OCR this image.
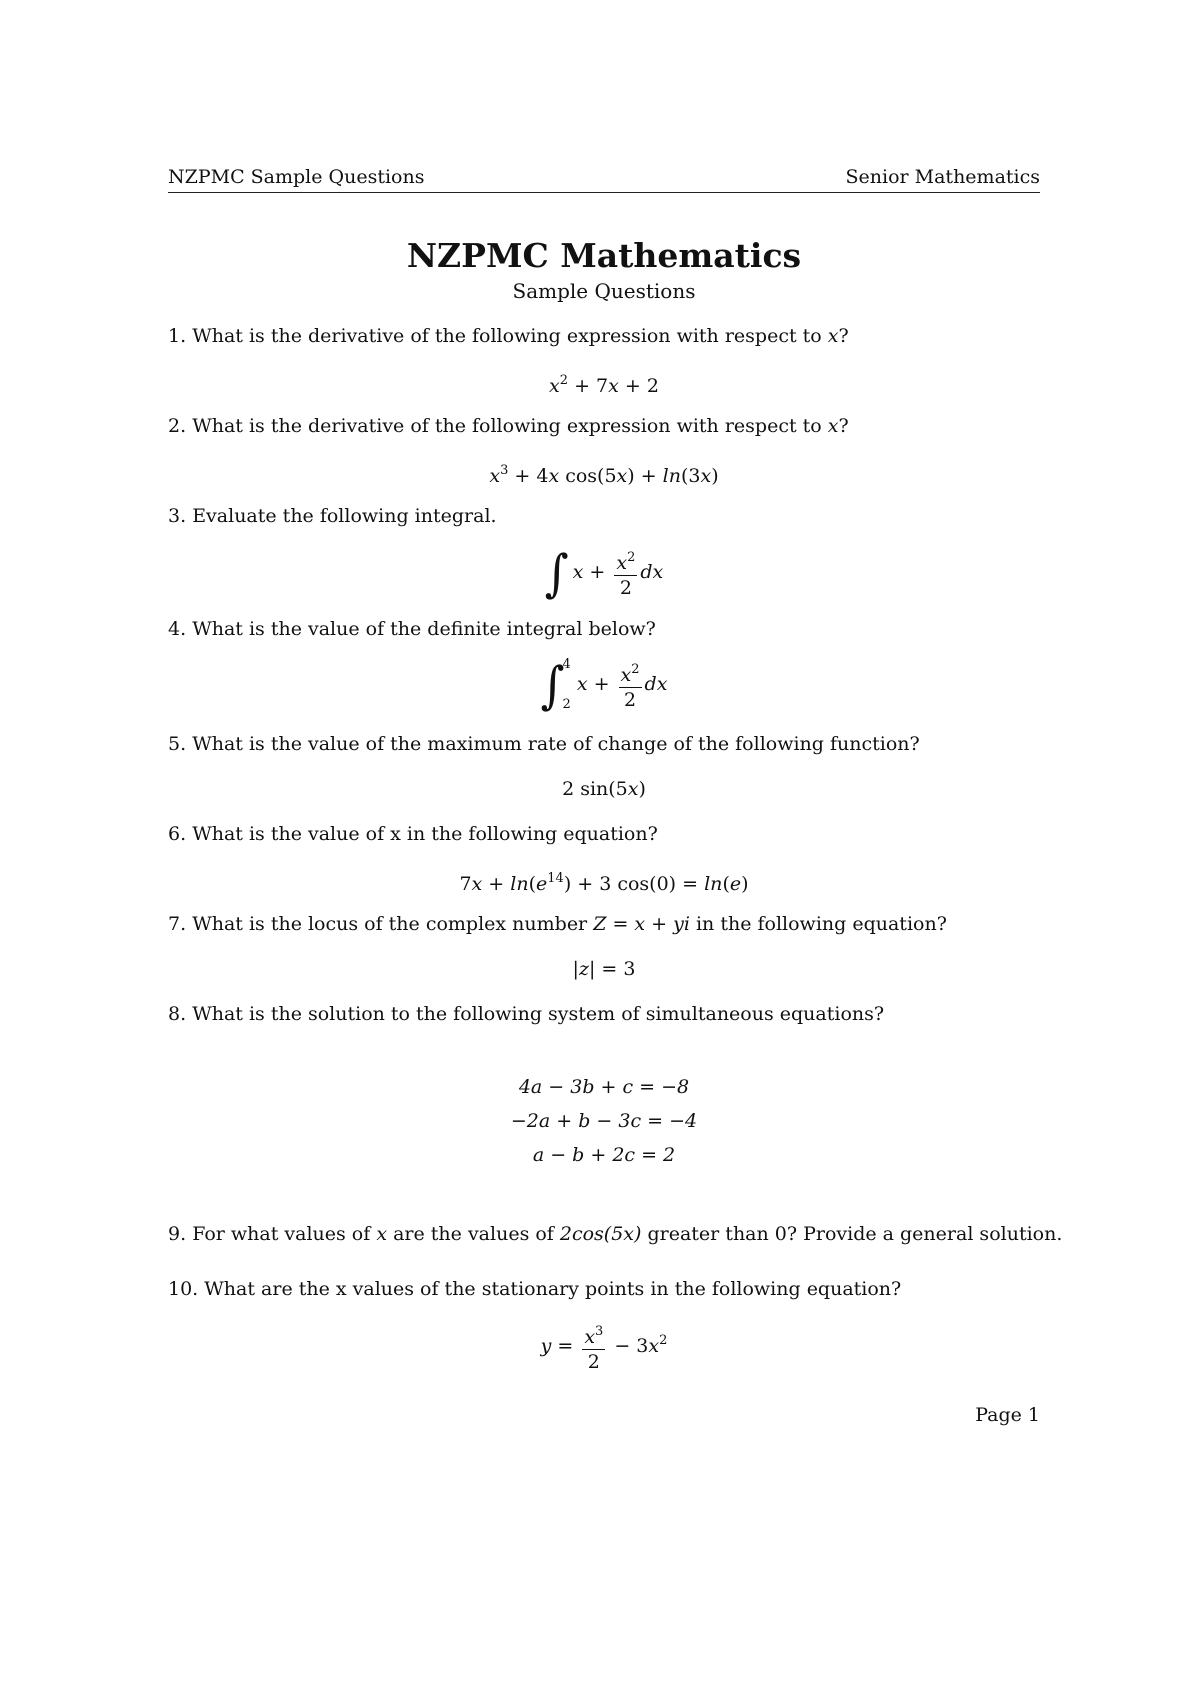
NZPMC Sample Questions	Senior Mathematics
NZPMC Mathematics
Sample Questions
1. What is the derivative of the following expression with respect to x?
$x^2 + 7x + 2$
2. What is the derivative of the following expression with respect to x?
$x^3 + 4x$ cos(5x) + ln(3x)
3. Evaluate the following integral.
∫ $x + \frac{x^2}{2}$ dx
4. What is the value of the definite integral below?
∫
4
2
$x + \frac{x^2}{2}$ dx
5. What is the value of the maximum rate of change of the following function?
2 sin(5x)
6. What is the value of x in the following equation?
$7x + \ln(e^{14}) + 3$ cos(0) = ln(e)
7. What is the locus of the complex number Z = x + yi in the following equation?
|z| = 3
8. What is the solution to the following system of simultaneous equations?
4a − 3b + c = −8
−2a + b − 3c = −4
a − b + 2c = 2
9. For what values of x are the values of 2cos(5x) greater than 0? Provide a general solution.
10. What are the x values of the stationary points in the following equation?
$y = \frac{x^3}{2} - 3x^2$
Page 1
